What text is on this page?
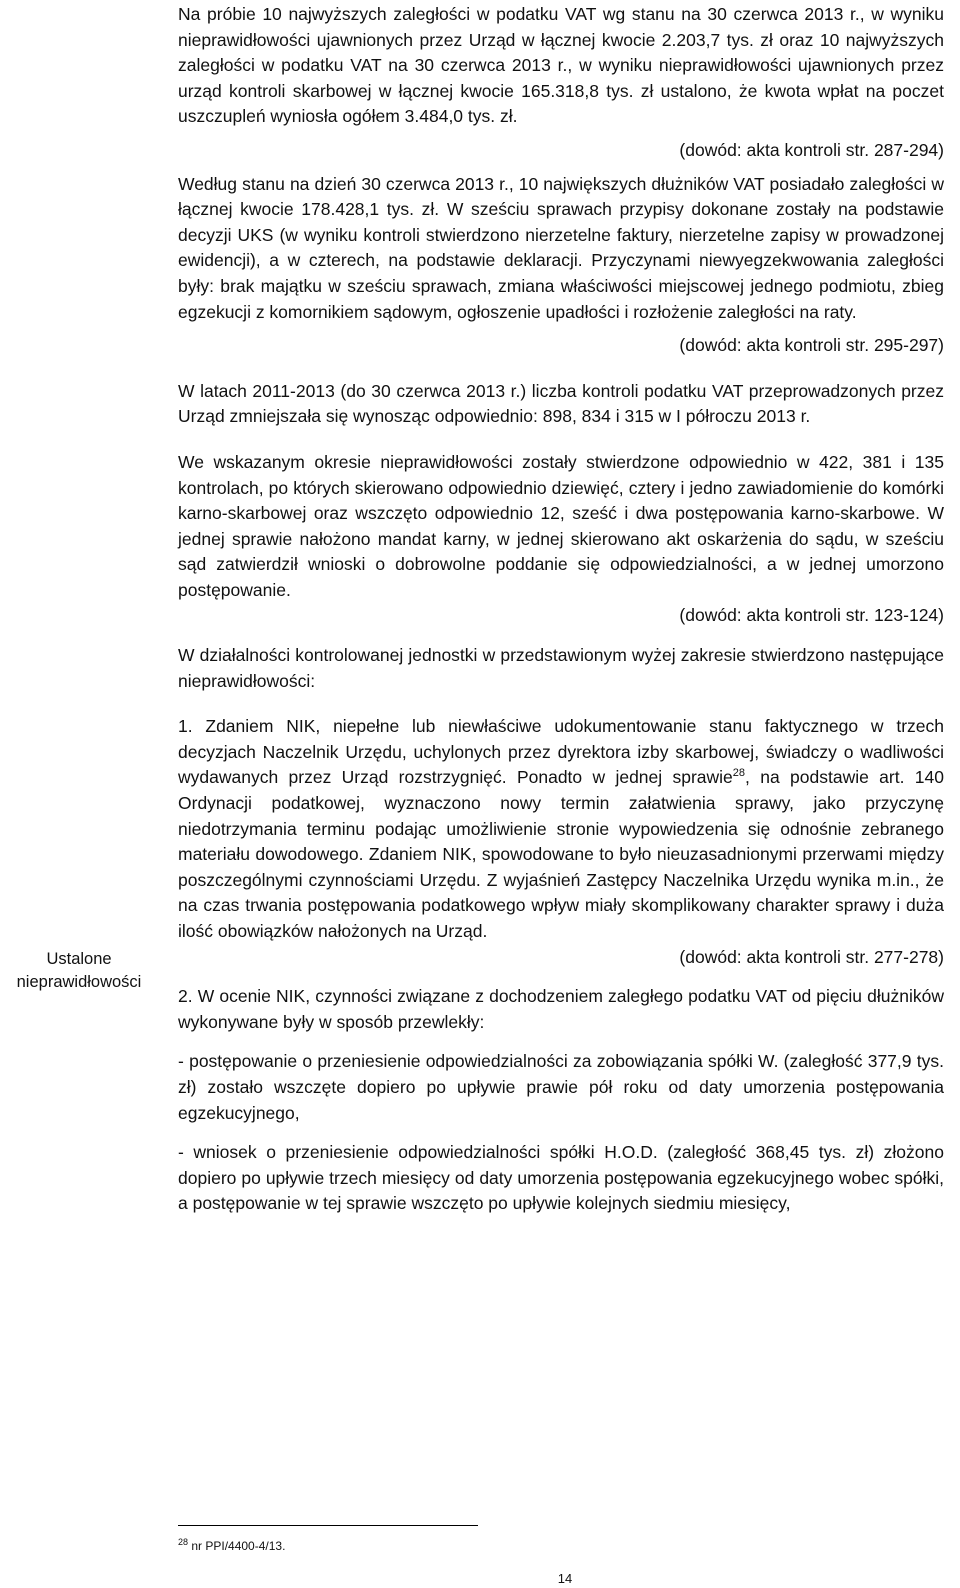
Ustalone
nieprawidłowości

Na próbie 10 najwyższych zaległości w podatku VAT wg stanu na 30 czerwca 2013 r., w wyniku nieprawidłowości ujawnionych przez Urząd w łącznej kwocie 2.203,7 tys. zł oraz 10 najwyższych zaległości w podatku VAT na 30 czerwca 2013 r., w wyniku nieprawidłowości ujawnionych przez urząd kontroli skarbowej w łącznej kwocie 165.318,8 tys. zł ustalono, że kwota wpłat na poczet uszczupleń wyniosła ogółem 3.484,0 tys. zł.

(dowód: akta kontroli str. 287-294)

Według stanu na dzień 30 czerwca 2013 r., 10 największych dłużników VAT posiadało zaległości w łącznej kwocie 178.428,1 tys. zł. W sześciu sprawach przypisy dokonane zostały na podstawie decyzji UKS (w wyniku kontroli stwierdzono nierzetelne faktury, nierzetelne zapisy w prowadzonej ewidencji), a w czterech, na podstawie deklaracji. Przyczynami niewyegzekwowania zaległości były: brak majątku w sześciu sprawach, zmiana właściwości miejscowej jednego podmiotu, zbieg egzekucji z komornikiem sądowym, ogłoszenie upadłości i rozłożenie zaległości na raty.

(dowód: akta kontroli str. 295-297)

W latach 2011-2013 (do 30 czerwca 2013 r.) liczba kontroli podatku VAT przeprowadzonych przez Urząd zmniejszała się wynosząc odpowiednio: 898, 834 i 315 w I półroczu 2013 r.

We wskazanym okresie nieprawidłowości zostały stwierdzone odpowiednio w 422, 381 i 135 kontrolach, po których skierowano odpowiednio dziewięć, cztery i jedno zawiadomienie do komórki karno-skarbowej oraz wszczęto odpowiednio 12, sześć i dwa postępowania karno-skarbowe. W jednej sprawie nałożono mandat karny, w jednej skierowano akt oskarżenia do sądu, w sześciu sąd zatwierdził wnioski o dobrowolne poddanie się odpowiedzialności, a w jednej umorzono postępowanie.

(dowód: akta kontroli str. 123-124)

W działalności kontrolowanej jednostki w przedstawionym wyżej zakresie stwierdzono następujące nieprawidłowości:

1. Zdaniem NIK, niepełne lub niewłaściwe udokumentowanie stanu faktycznego w trzech decyzjach Naczelnik Urzędu, uchylonych przez dyrektora izby skarbowej, świadczy o wadliwości wydawanych przez Urząd rozstrzygnięć. Ponadto w jednej sprawie$^{28}$, na podstawie art. 140 Ordynacji podatkowej, wyznaczono nowy termin załatwienia sprawy, jako przyczynę niedotrzymania terminu podając umożliwienie stronie wypowiedzenia się odnośnie zebranego materiału dowodowego. Zdaniem NIK, spowodowane to było nieuzasadnionymi przerwami między poszczególnymi czynnościami Urzędu. Z wyjaśnień Zastępcy Naczelnika Urzędu wynika m.in., że na czas trwania postępowania podatkowego wpływ miały skomplikowany charakter sprawy i duża ilość obowiązków nałożonych na Urząd.

(dowód: akta kontroli str. 277-278)

2. W ocenie NIK, czynności związane z dochodzeniem zaległego podatku VAT od pięciu dłużników wykonywane były w sposób przewlekły:

- postępowanie o przeniesienie odpowiedzialności za zobowiązania spółki W. (zaległość 377,9 tys. zł) zostało wszczęte dopiero po upływie prawie pół roku od daty umorzenia postępowania egzekucyjnego,

- wniosek o przeniesienie odpowiedzialności spółki H.O.D. (zaległość 368,45 tys. zł) złożono dopiero po upływie trzech miesięcy od daty umorzenia postępowania egzekucyjnego wobec spółki, a postępowanie w tej sprawie wszczęto po upływie kolejnych siedmiu miesięcy,

$^{28}$ nr PPI/4400-4/13.
14
